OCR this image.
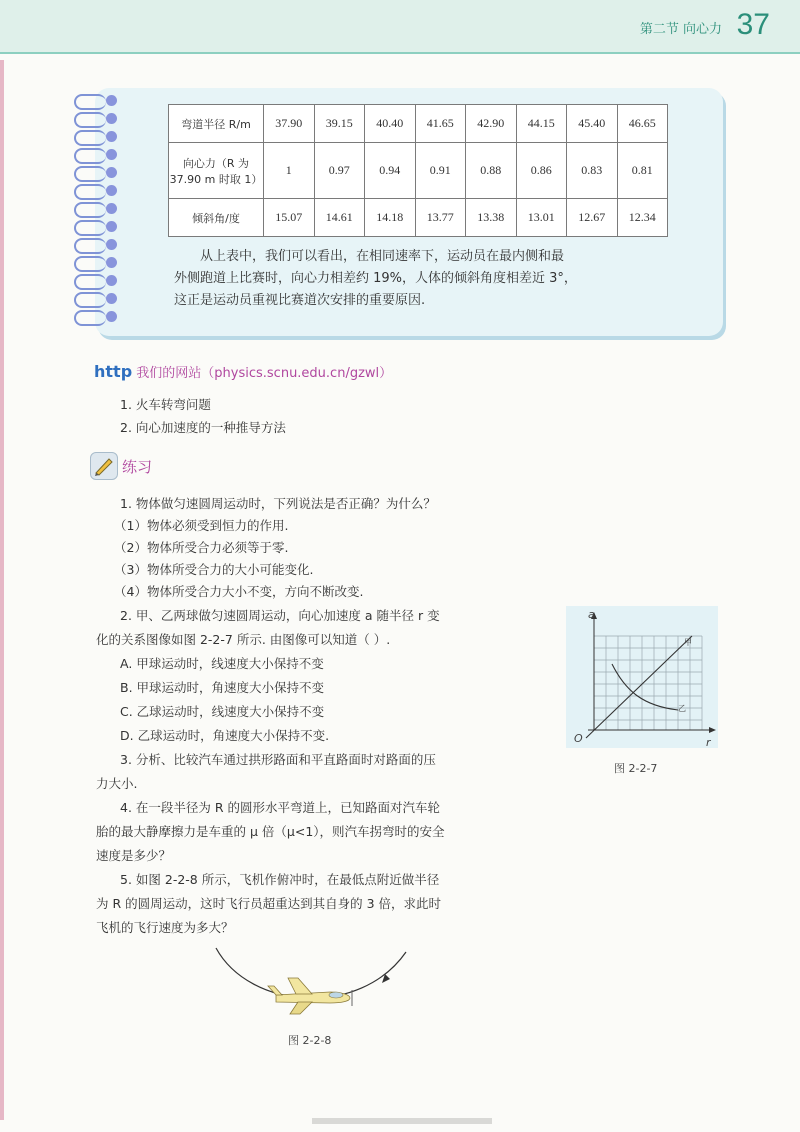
第二节 向心力 37
弯道半径 R/m	37.90	39.15	40.40	41.65	42.90	44.15	45.40	46.65

向心力（R 为
37.90 m 时取 1）	1	0.97	0.94	0.91	0.88	0.86	0.83	0.81
倾斜角/度	15.07	14.61	14.18	13.77	13.38	13.01	12.67	12.34
从上表中，我们可以看出，在相同速率下，运动员在最内侧和最
外侧跑道上比赛时，向心力相差约 19%，人体的倾斜角度相差近 3°，
这正是运动员重视比赛道次安排的重要原因.
http 我们的网站（physics.scnu.edu.cn/gzwl）
1. 火车转弯问题
2. 向心加速度的一种推导方法
练习
1. 物体做匀速圆周运动时，下列说法是否正确？为什么？
（1）物体必须受到恒力的作用.
（2）物体所受合力必须等于零.
（3）物体所受合力的大小可能变化.
（4）物体所受合力大小不变，方向不断改变.
2. 甲、乙两球做匀速圆周运动，向心加速度 a 随半径 r 变
化的关系图像如图 2-2-7 所示. 由图像可以知道（ ）.
A. 甲球运动时，线速度大小保持不变
B. 甲球运动时，角速度大小保持不变
C. 乙球运动时，线速度大小保持不变
D. 乙球运动时，角速度大小保持不变.
3. 分析、比较汽车通过拱形路面和平直路面时对路面的压
力大小.
4. 在一段半径为 R 的圆形水平弯道上，已知路面对汽车轮
胎的最大静摩擦力是车重的 μ 倍（μ<1），则汽车拐弯时的安全
速度是多少？
5. 如图 2-2-8 所示，飞机作俯冲时，在最低点附近做半径
为 R 的圆周运动，这时飞行员超重达到其自身的 3 倍，求此时
飞机的飞行速度为多大？
a
r
O
甲
乙
图 2-2-7
图 2-2-8
